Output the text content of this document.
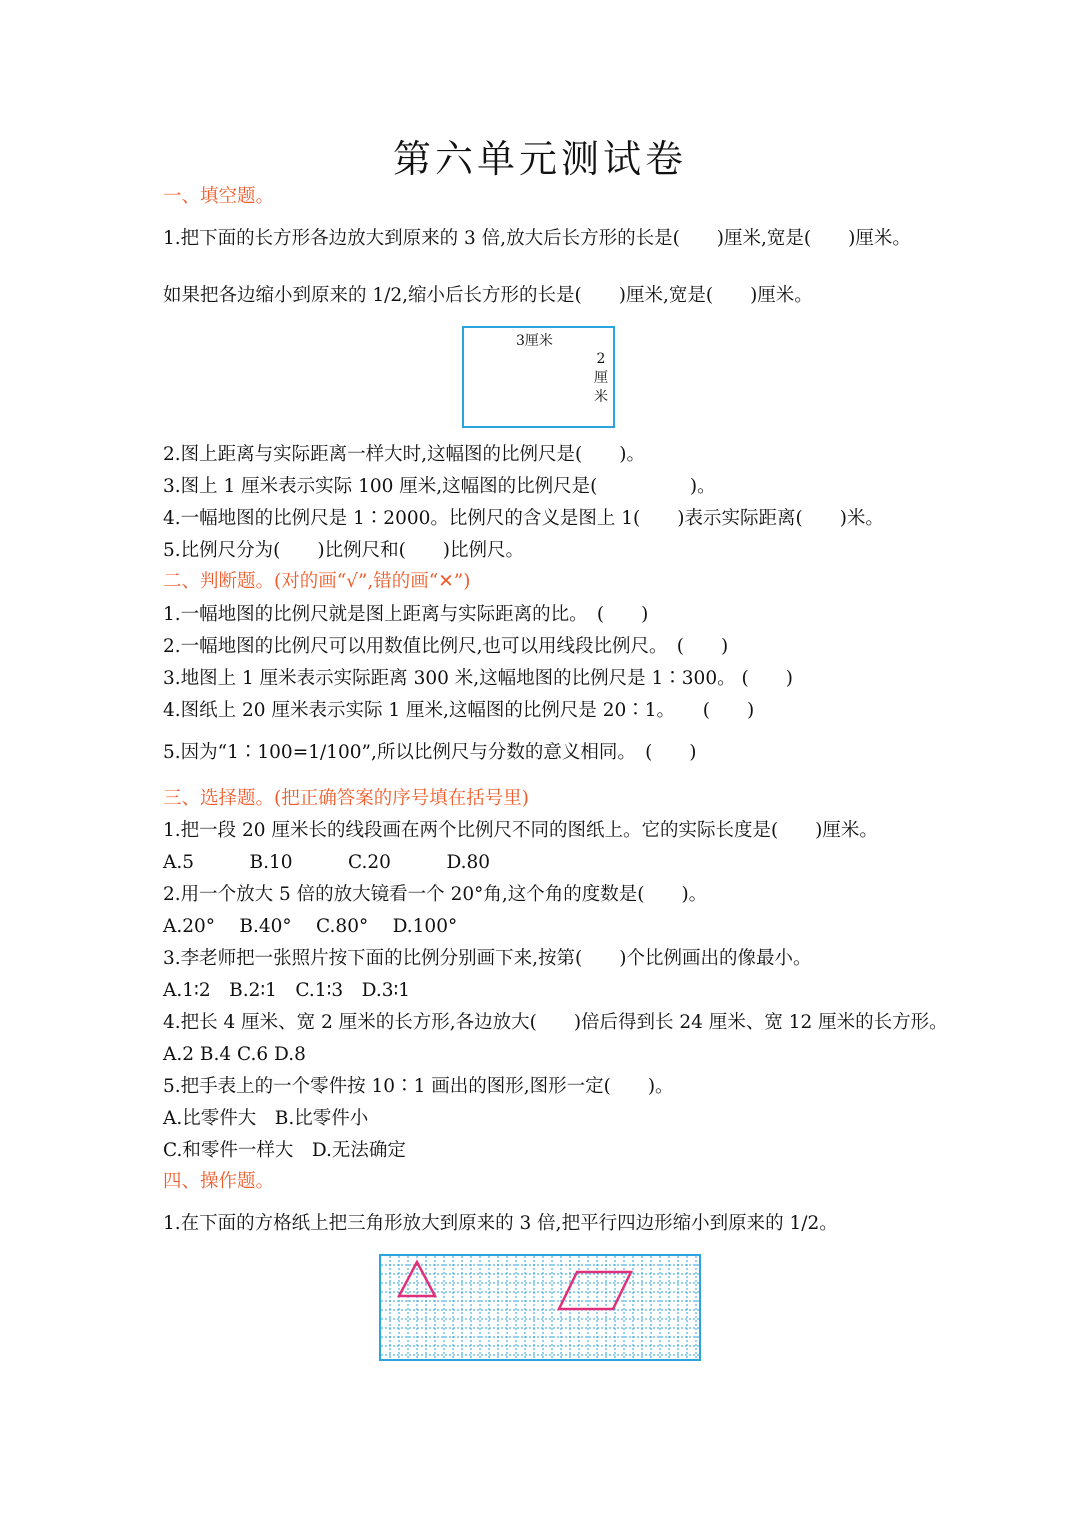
第六单元测试卷
一、填空题。
1.把下面的长方形各边放大到原来的 3 倍,放大后长方形的长是(　　)厘米,宽是(　　)厘米。
如果把各边缩小到原来的 1/2,缩小后长方形的长是(　　)厘米,宽是(　　)厘米。
3厘米
2厘米
2.图上距离与实际距离一样大时,这幅图的比例尺是(　　)。
3.图上 1 厘米表示实际 100 厘米,这幅图的比例尺是(　　　　　)。
4.一幅地图的比例尺是 1∶2000。比例尺的含义是图上 1(　　)表示实际距离(　　)米。
5.比例尺分为(　　)比例尺和(　　)比例尺。
二、判断题。(对的画“√”,错的画“✕”)
1.一幅地图的比例尺就是图上距离与实际距离的比。　(　　)
2.一幅地图的比例尺可以用数值比例尺,也可以用线段比例尺。　(　　)
3.地图上 1 厘米表示实际距离 300 米,这幅地图的比例尺是 1∶300。 (　　)
4.图纸上 20 厘米表示实际 1 厘米,这幅图的比例尺是 20∶1。　　(　　)
5.因为“1∶100=1/100”,所以比例尺与分数的意义相同。　(　　)
三、选择题。(把正确答案的序号填在括号里)
1.把一段 20 厘米长的线段画在两个比例尺不同的图纸上。它的实际长度是(　　)厘米。
A.5　　　B.10　　　C.20　　　D.80
2.用一个放大 5 倍的放大镜看一个 20°角,这个角的度数是(　　)。
A.20°　 B.40°　 C.80°　 D.100°
3.李老师把一张照片按下面的比例分别画下来,按第(　　)个比例画出的像最小。
A.1∶2　B.2∶1　C.1∶3　D.3∶1
4.把长 4 厘米、宽 2 厘米的长方形,各边放大(　　)倍后得到长 24 厘米、宽 12 厘米的长方形。
A.2 B.4 C.6 D.8
5.把手表上的一个零件按 10∶1 画出的图形,图形一定(　　)。
A.比零件大　B.比零件小
C.和零件一样大　D.无法确定
四、操作题。
1.在下面的方格纸上把三角形放大到原来的 3 倍,把平行四边形缩小到原来的 1/2。
